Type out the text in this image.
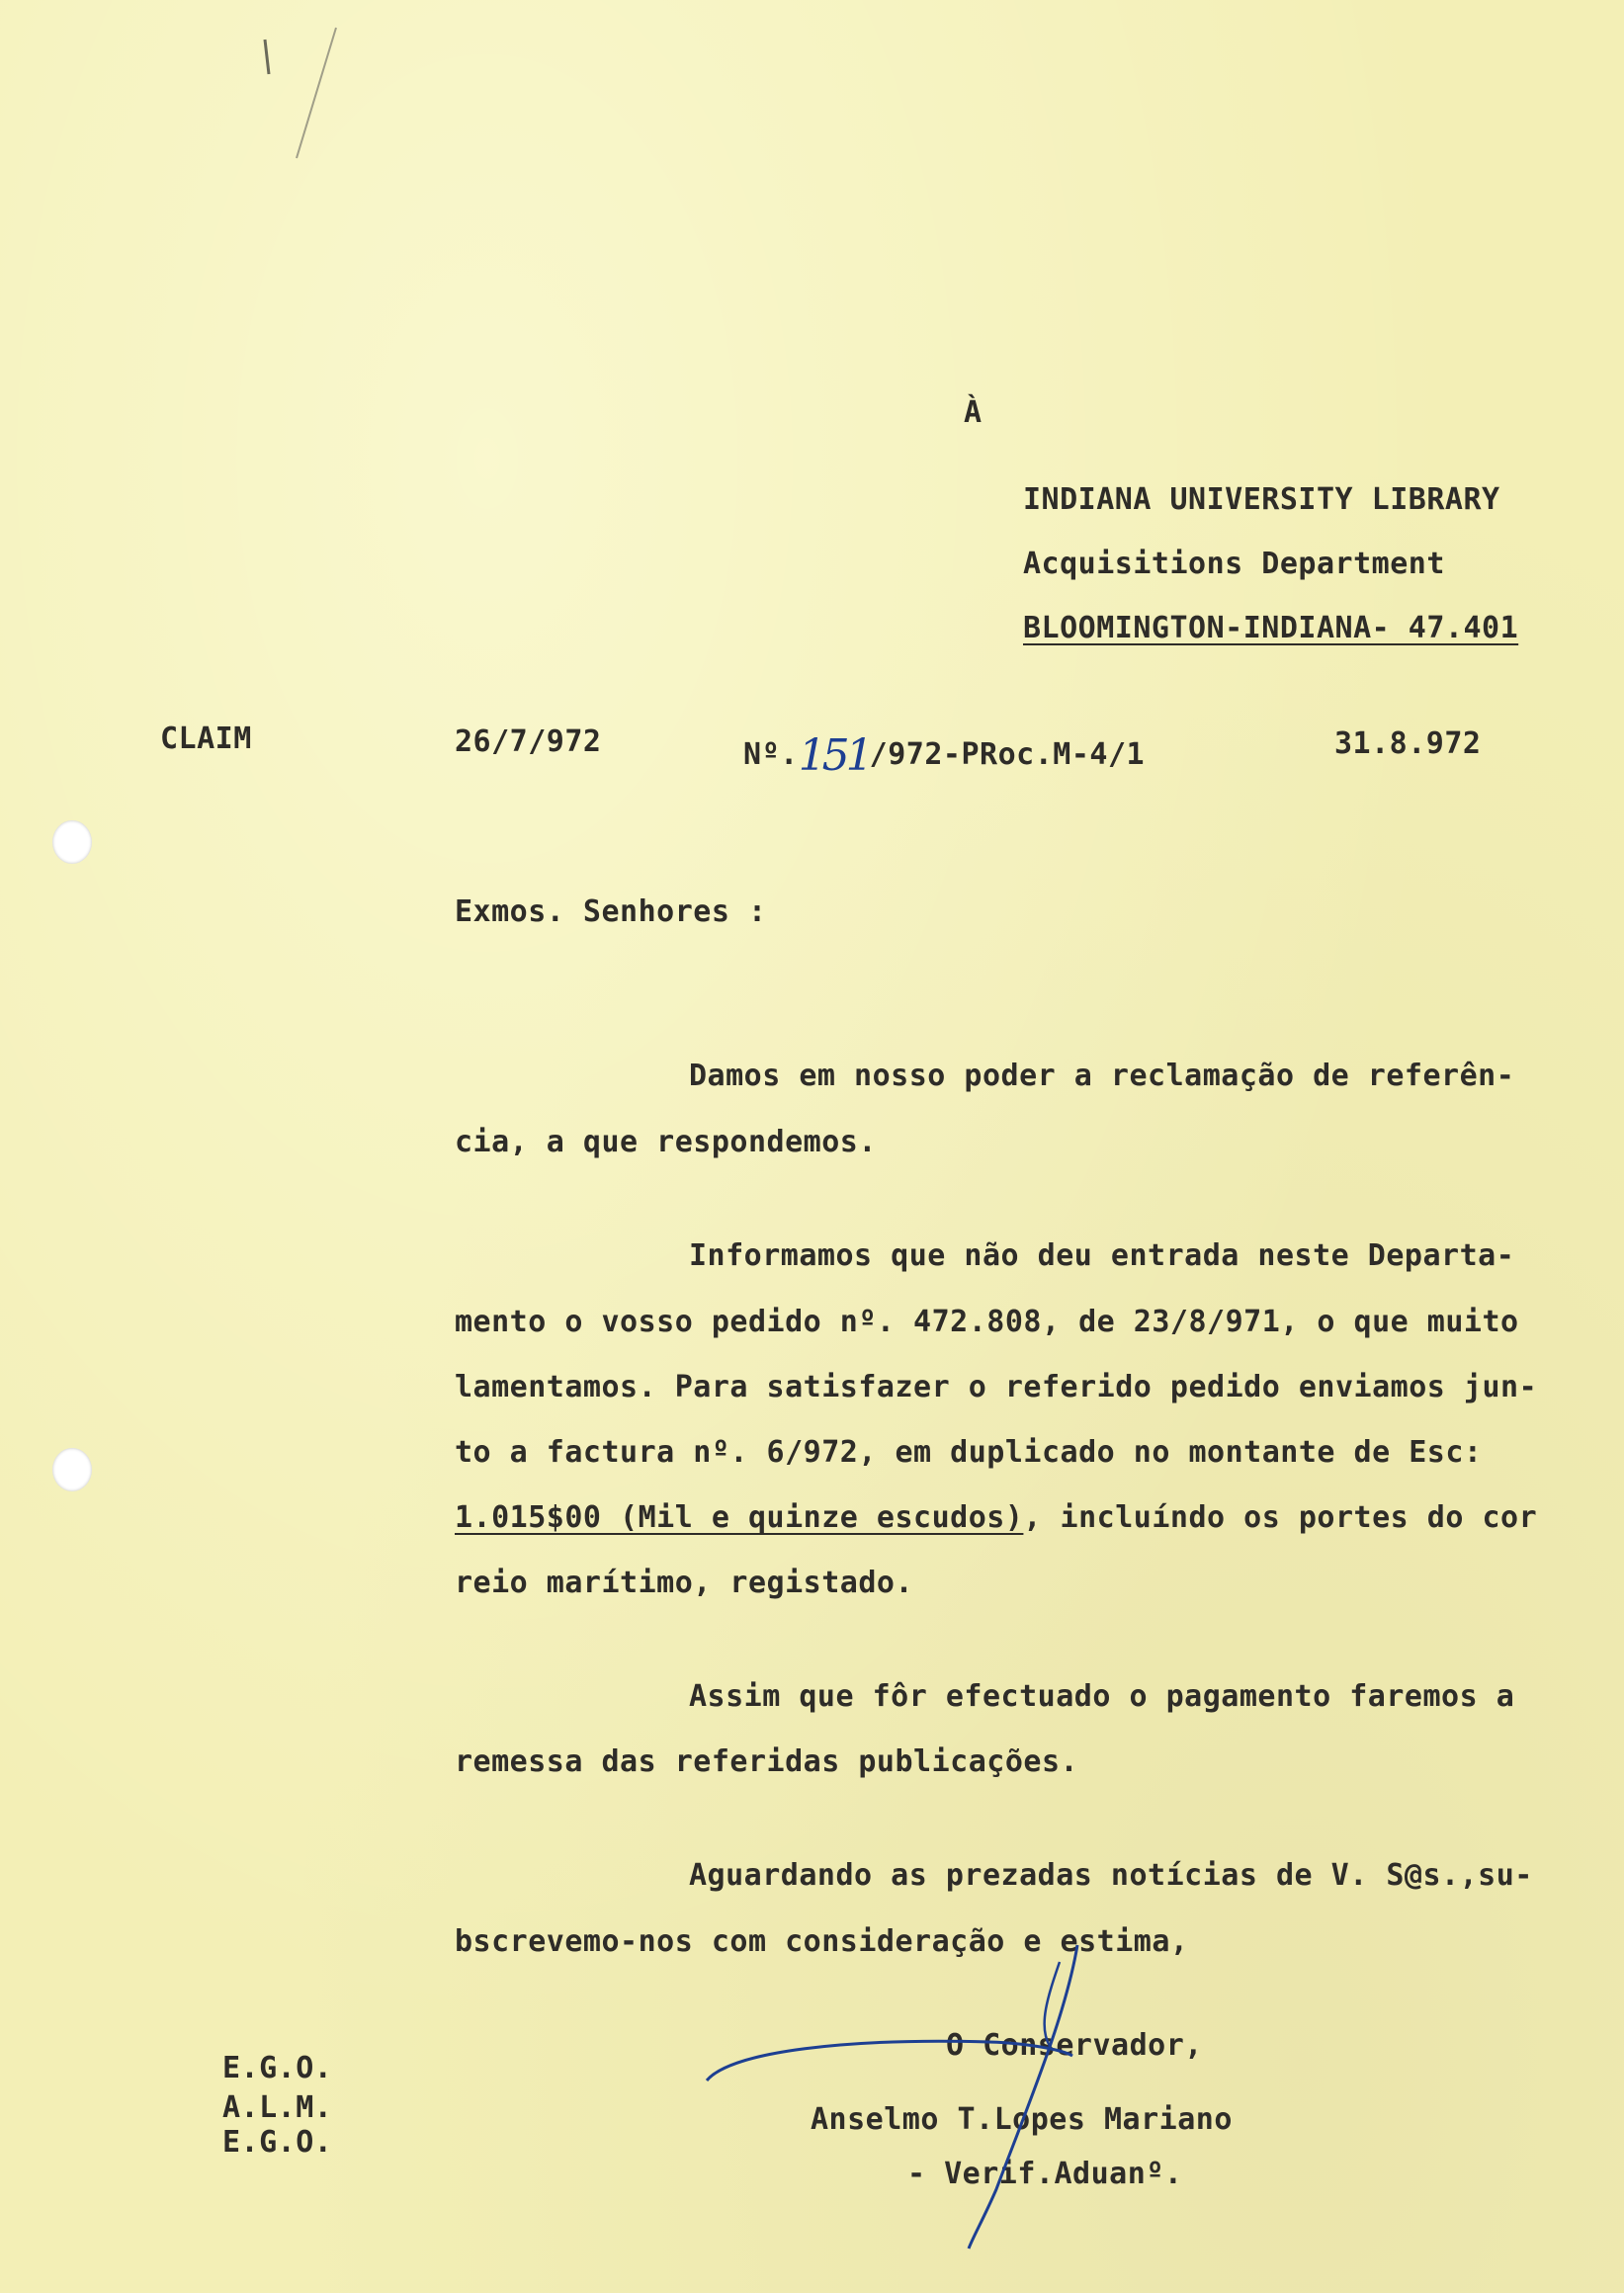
À
INDIANA UNIVERSITY LIBRARY
Acquisitions Department
BLOOMINGTON-INDIANA- 47.401
CLAIM	26/7/972	Nº.151/972-PRoc.M-4/1	31.8.972
Exmos. Senhores :
Damos em nosso poder a reclamação de referên-
cia, a que respondemos.
Informamos que não deu entrada neste Departa-
mento o vosso pedido nº. 472.808, de 23/8/971, o que muito
lamentamos. Para satisfazer o referido pedido enviamos jun-
to a factura nº. 6/972, em duplicado no montante de Esc:
1.015$00 (Mil e quinze escudos), incluíndo os portes do cor
reio marítimo, registado.
Assim que fôr efectuado o pagamento faremos a
remessa das referidas publicações.
Aguardando as prezadas notícias de V. S@s.,su-
bscrevemo-nos com consideração e estima,
O Conservador,
Anselmo T.Lopes Mariano
- Verif.Aduanº.
E.G.O.
A.L.M.
E.G.O.
